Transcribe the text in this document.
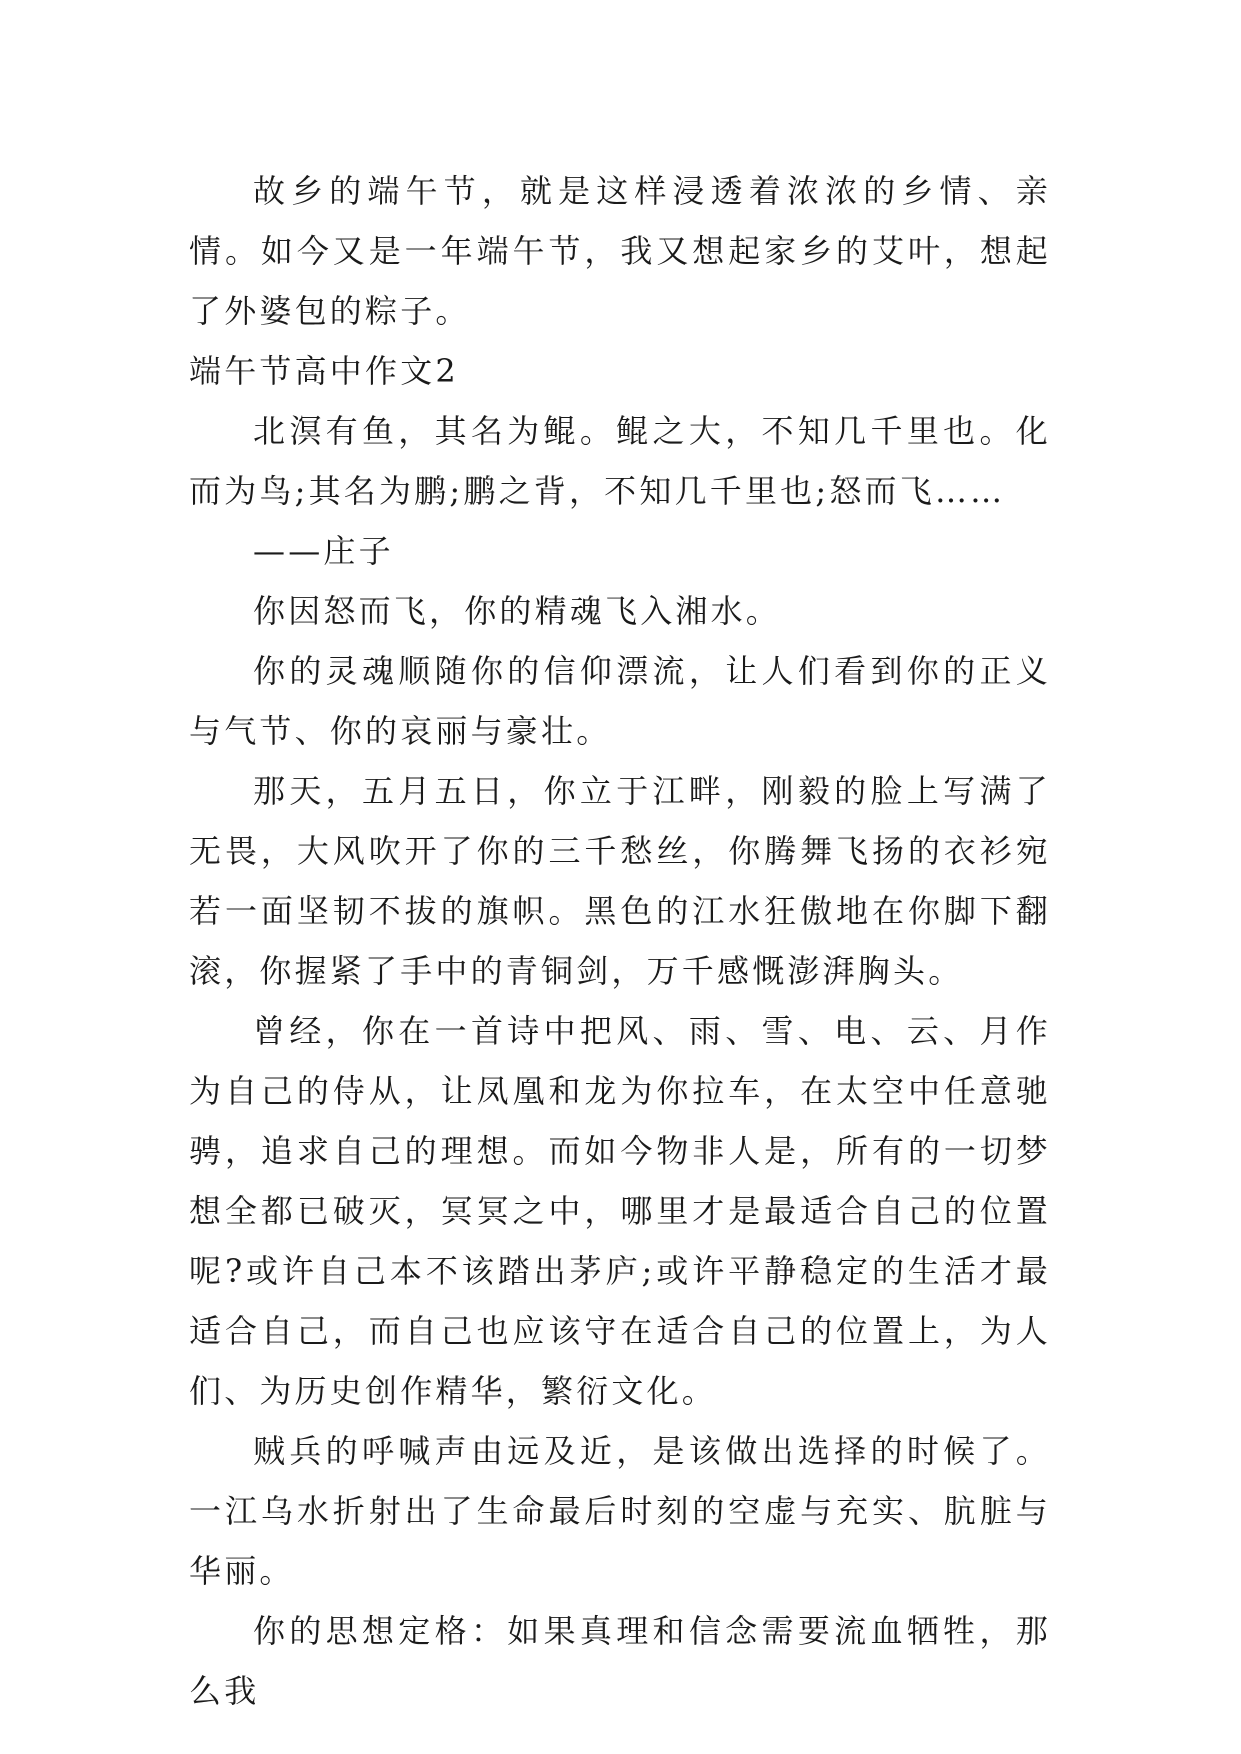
故乡的端午节，就是这样浸透着浓浓的乡情、亲情。如今又是一年端午节，我又想起家乡的艾叶，想起了外婆包的粽子。

端午节高中作文2

北溟有鱼，其名为鲲。鲲之大，不知几千里也。化而为鸟;其名为鹏;鹏之背，不知几千里也;怒而飞……

——庄子

你因怒而飞，你的精魂飞入湘水。

你的灵魂顺随你的信仰漂流，让人们看到你的正义与气节、你的哀丽与豪壮。

那天，五月五日，你立于江畔，刚毅的脸上写满了无畏，大风吹开了你的三千愁丝，你腾舞飞扬的衣衫宛若一面坚韧不拔的旗帜。黑色的江水狂傲地在你脚下翻滚，你握紧了手中的青铜剑，万千感慨澎湃胸头。

曾经，你在一首诗中把风、雨、雪、电、云、月作为自己的侍从，让凤凰和龙为你拉车，在太空中任意驰骋，追求自己的理想。而如今物非人是，所有的一切梦想全都已破灭，冥冥之中，哪里才是最适合自己的位置呢?或许自己本不该踏出茅庐;或许平静稳定的生活才最适合自己，而自己也应该守在适合自己的位置上，为人们、为历史创作精华，繁衍文化。

贼兵的呼喊声由远及近，是该做出选择的时候了。一江乌水折射出了生命最后时刻的空虚与充实、肮脏与华丽。

你的思想定格：如果真理和信念需要流血牺牲，那么我
